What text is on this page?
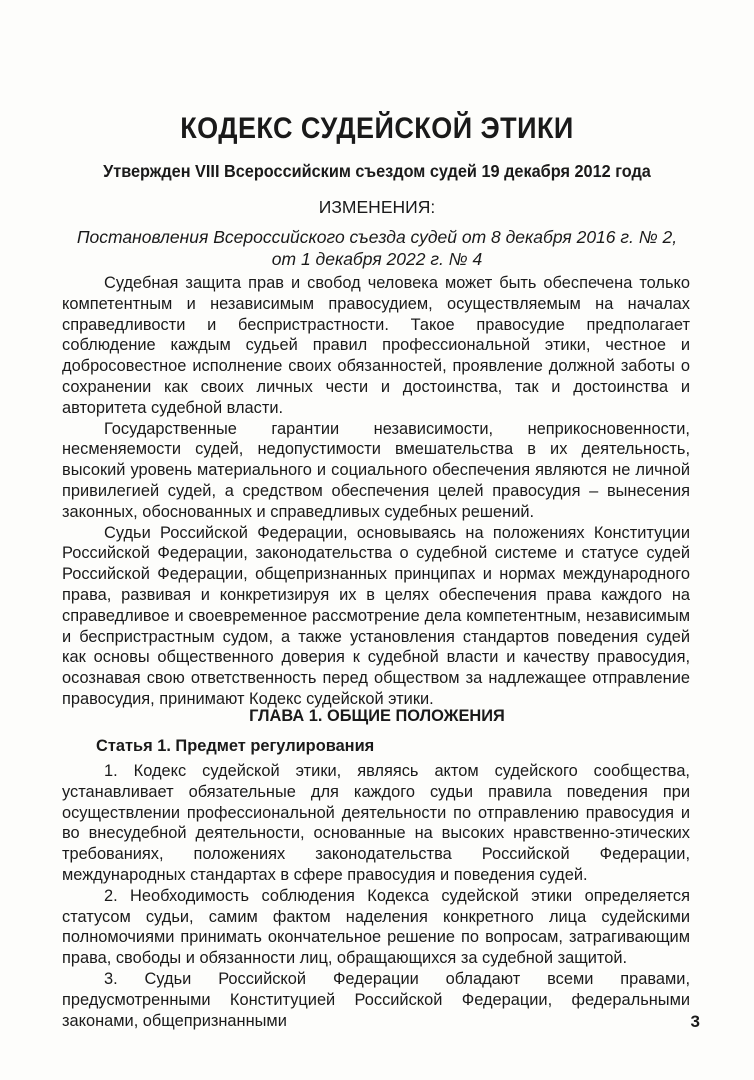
КОДЕКС СУДЕЙСКОЙ ЭТИКИ
Утвержден VIII Всероссийским съездом судей 19 декабря 2012 года
ИЗМЕНЕНИЯ:
Постановления Всероссийского съезда судей от 8 декабря 2016 г. № 2, от 1 декабря 2022 г. № 4

Судебная защита прав и свобод человека может быть обеспечена только компетентным и независимым правосудием, осуществляемым на началах справедливости и беспристрастности. Такое правосудие предполагает соблюдение каждым судьей правил профессиональной этики, честное и добросовестное исполнение своих обязанностей, проявление должной заботы о сохранении как своих личных чести и достоинства, так и достоинства и авторитета судебной власти.

Государственные гарантии независимости, неприкосновенности, несменяемости судей, недопустимости вмешательства в их деятельность, высокий уровень материального и социального обеспечения являются не личной привилегией судей, а средством обеспечения целей правосудия – вынесения законных, обоснованных и справедливых судебных решений.

Судьи Российской Федерации, основываясь на положениях Конституции Российской Федерации, законодательства о судебной системе и статусе судей Российской Федерации, общепризнанных принципах и нормах международного права, развивая и конкретизируя их в целях обеспечения права каждого на справедливое и своевременное рассмотрение дела компетентным, независимым и беспристрастным судом, а также установления стандартов поведения судей как основы общественного доверия к судебной власти и качеству правосудия, осознавая свою ответственность перед обществом за надлежащее отправление правосудия, принимают Кодекс судейской этики.

ГЛАВА 1. ОБЩИЕ ПОЛОЖЕНИЯ
Статья 1. Предмет регулирования

1. Кодекс судейской этики, являясь актом судейского сообщества, устанавливает обязательные для каждого судьи правила поведения при осуществлении профессиональной деятельности по отправлению правосудия и во внесудебной деятельности, основанные на высоких нравственно-этических требованиях, положениях законодательства Российской Федерации, международных стандартах в сфере правосудия и поведения судей.

2. Необходимость соблюдения Кодекса судейской этики определяется статусом судьи, самим фактом наделения конкретного лица судейскими полномочиями принимать окончательное решение по вопросам, затрагивающим права, свободы и обязанности лиц, обращающихся за судебной защитой.

3. Судьи Российской Федерации обладают всеми правами, предусмотренными Конституцией Российской Федерации, федеральными законами, общепризнанными	3
